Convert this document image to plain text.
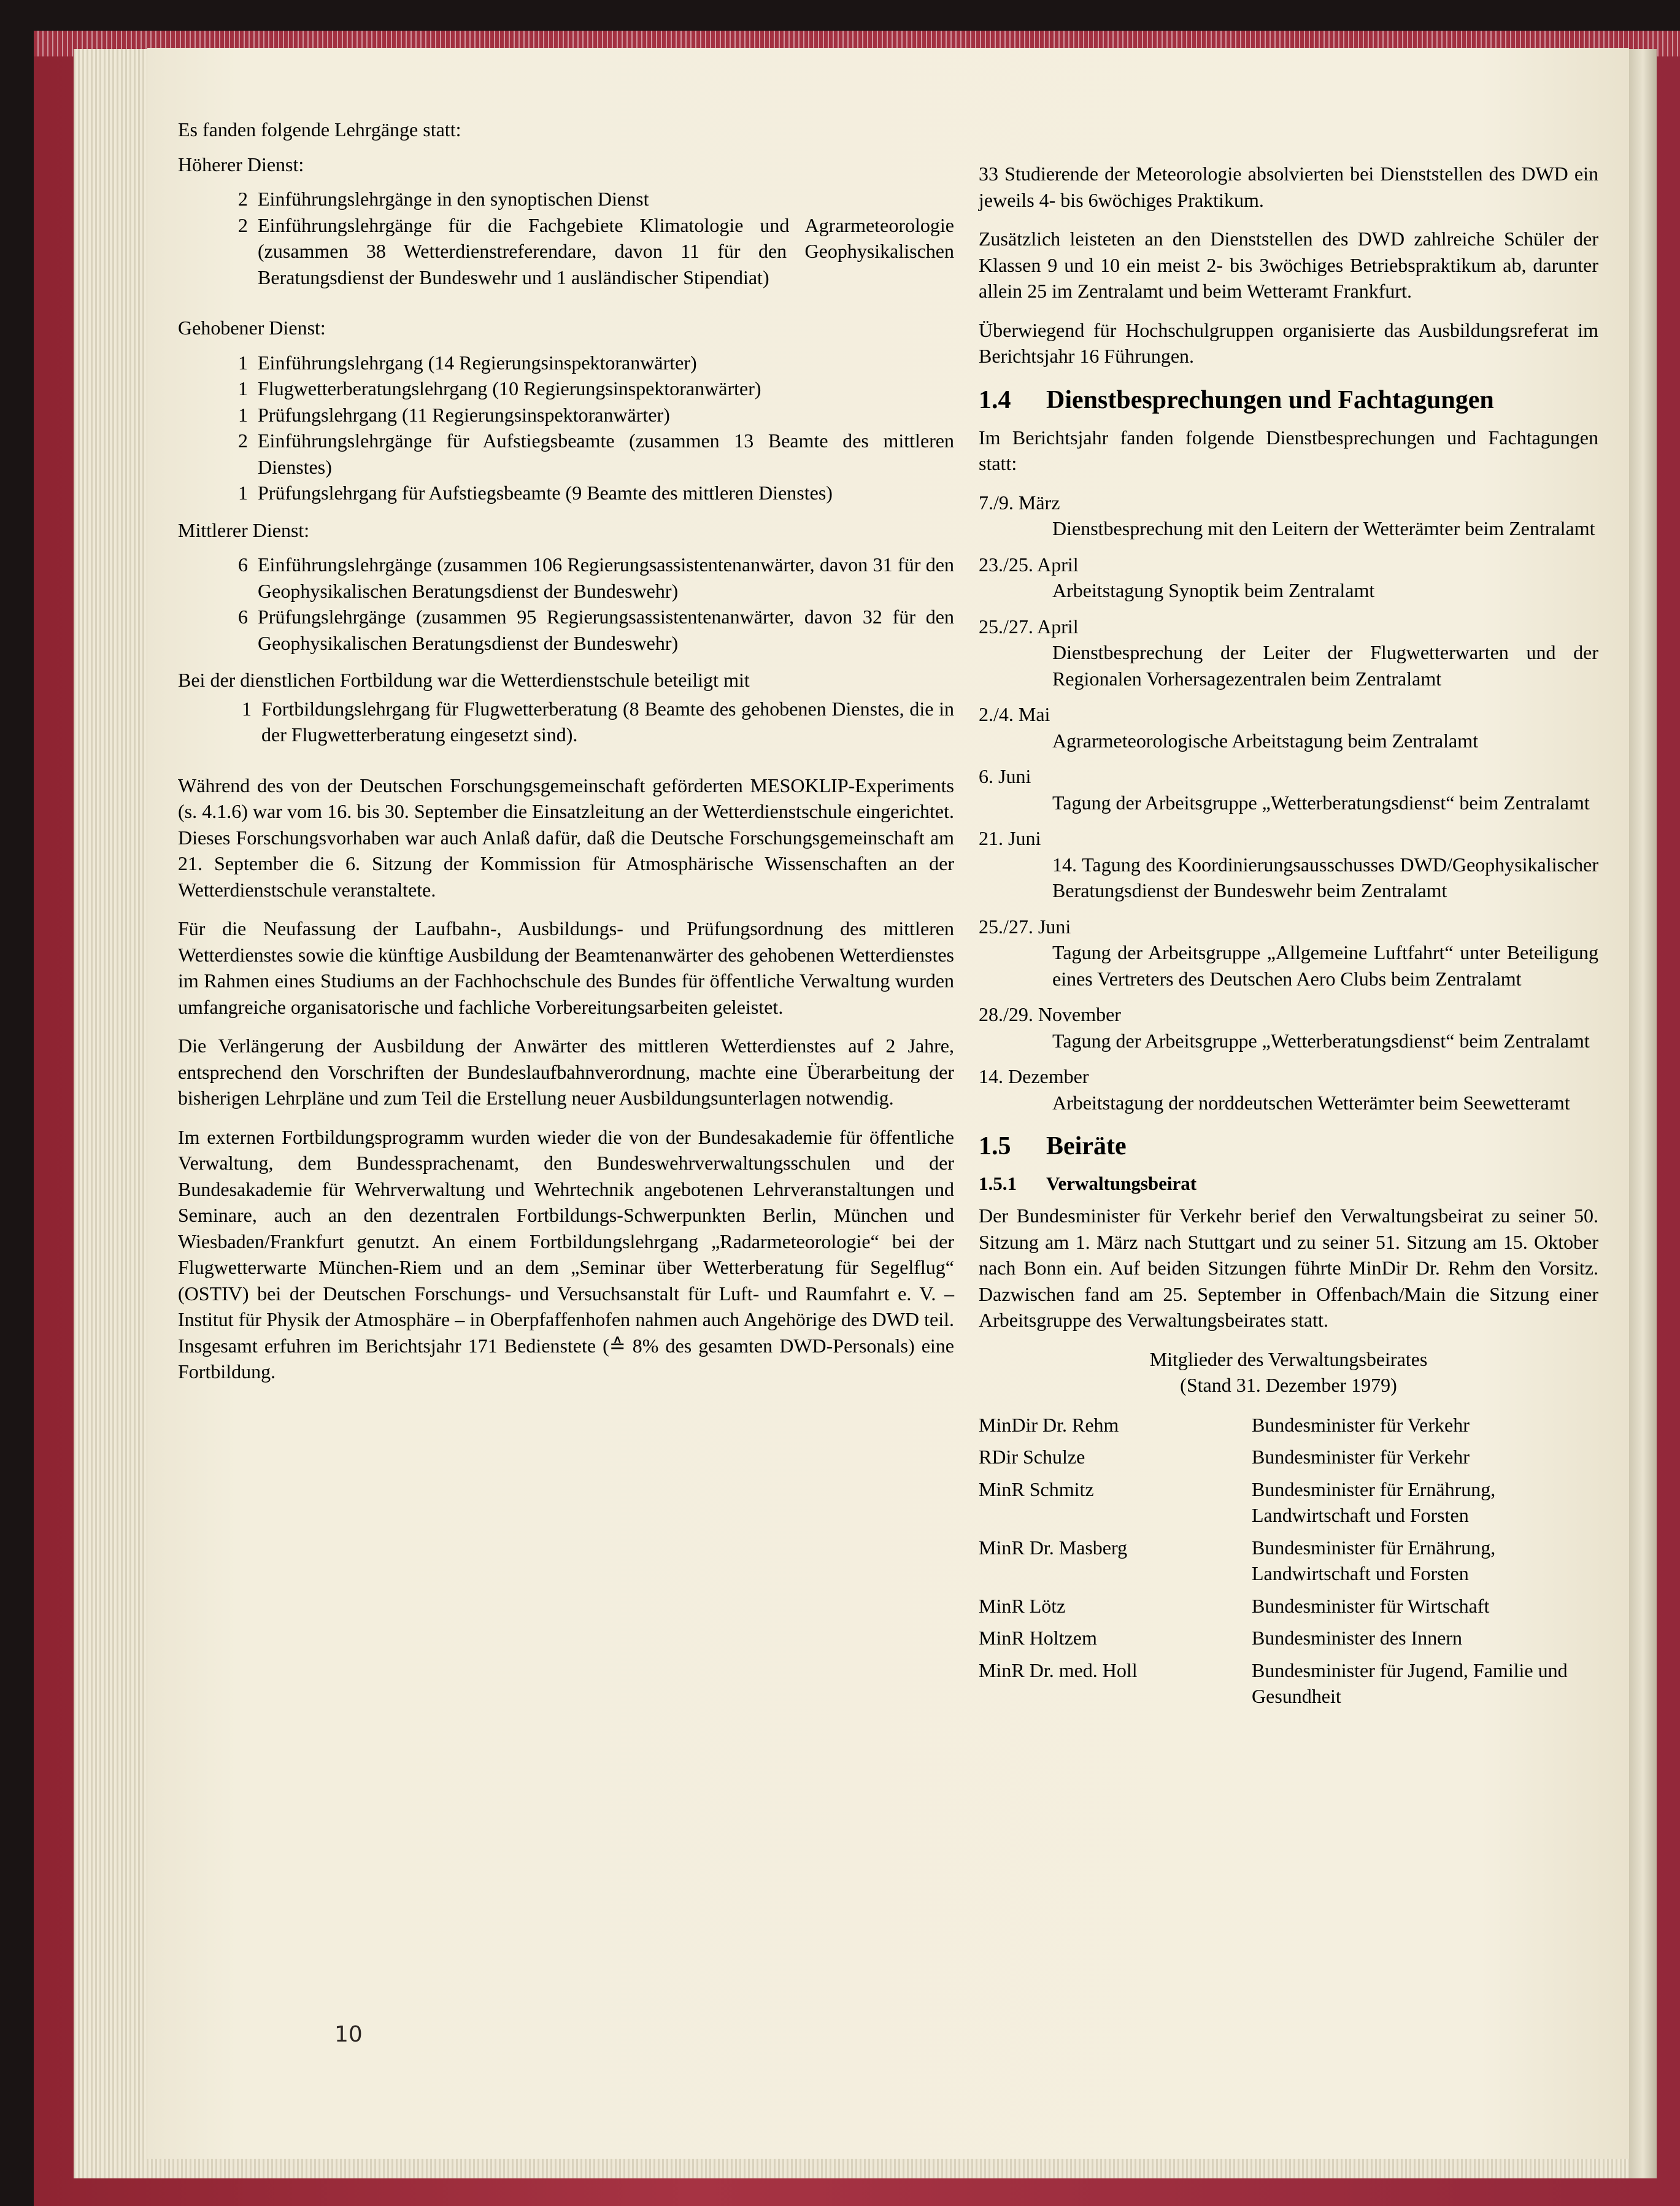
Es fanden folgende Lehrgänge statt:

Höherer Dienst:

2 Einführungslehrgänge in den synoptischen Dienst
2 Einführungslehrgänge für die Fachgebiete Klimatologie und Agrarmeteorologie (zusammen 38 Wetterdienstreferendare, davon 11 für den Geophysikalischen Beratungsdienst der Bundeswehr und 1 ausländischer Stipendiat)

Gehobener Dienst:

1 Einführungslehrgang (14 Regierungsinspektoranwärter)
1 Flugwetterberatungslehrgang (10 Regierungsinspektoranwärter)
1 Prüfungslehrgang (11 Regierungsinspektoranwärter)
2 Einführungslehrgänge für Aufstiegsbeamte (zusammen 13 Beamte des mittleren Dienstes)
1 Prüfungslehrgang für Aufstiegsbeamte (9 Beamte des mittleren Dienstes)

Mittlerer Dienst:

6 Einführungslehrgänge (zusammen 106 Regierungsassistentenanwärter, davon 31 für den Geophysikalischen Beratungsdienst der Bundeswehr)
6 Prüfungslehrgänge (zusammen 95 Regierungsassistentenanwärter, davon 32 für den Geophysikalischen Beratungsdienst der Bundeswehr)

Bei der dienstlichen Fortbildung war die Wetterdienstschule beteiligt mit

1 Fortbildungslehrgang für Flugwetterberatung (8 Beamte des gehobenen Dienstes, die in der Flugwetterberatung eingesetzt sind).

Während des von der Deutschen Forschungsgemeinschaft geförderten MESOKLIP-Experiments (s. 4.1.6) war vom 16. bis 30. September die Einsatzleitung an der Wetterdienstschule eingerichtet. Dieses Forschungsvorhaben war auch Anlaß dafür, daß die Deutsche Forschungsgemeinschaft am 21. September die 6. Sitzung der Kommission für Atmosphärische Wissenschaften an der Wetterdienstschule veranstaltete.

Für die Neufassung der Laufbahn-, Ausbildungs- und Prüfungsordnung des mittleren Wetterdienstes sowie die künftige Ausbildung der Beamtenanwärter des gehobenen Wetterdienstes im Rahmen eines Studiums an der Fachhochschule des Bundes für öffentliche Verwaltung wurden umfangreiche organisatorische und fachliche Vorbereitungsarbeiten geleistet.

Die Verlängerung der Ausbildung der Anwärter des mittleren Wetterdienstes auf 2 Jahre, entsprechend den Vorschriften der Bundeslaufbahnverordnung, machte eine Überarbeitung der bisherigen Lehrpläne und zum Teil die Erstellung neuer Ausbildungsunterlagen notwendig.

Im externen Fortbildungsprogramm wurden wieder die von der Bundesakademie für öffentliche Verwaltung, dem Bundessprachenamt, den Bundeswehrverwaltungsschulen und der Bundesakademie für Wehrverwaltung und Wehrtechnik angebotenen Lehrveranstaltungen und Seminare, auch an den dezentralen Fortbildungs-Schwerpunkten Berlin, München und Wiesbaden/Frankfurt genutzt. An einem Fortbildungslehrgang „Radarmeteorologie“ bei der Flugwetterwarte München-Riem und an dem „Seminar über Wetterberatung für Segelflug“ (OSTIV) bei der Deutschen Forschungs- und Versuchsanstalt für Luft- und Raumfahrt e. V. – Institut für Physik der Atmosphäre – in Oberpfaffenhofen nahmen auch Angehörige des DWD teil. Insgesamt erfuhren im Berichtsjahr 171 Bedienstete (≙ 8% des gesamten DWD-Personals) eine Fortbildung.

10

33 Studierende der Meteorologie absolvierten bei Dienststellen des DWD ein jeweils 4- bis 6wöchiges Praktikum.

Zusätzlich leisteten an den Dienststellen des DWD zahlreiche Schüler der Klassen 9 und 10 ein meist 2- bis 3wöchiges Betriebspraktikum ab, darunter allein 25 im Zentralamt und beim Wetteramt Frankfurt.

Überwiegend für Hochschulgruppen organisierte das Ausbildungsreferat im Berichtsjahr 16 Führungen.

1.4 Dienstbesprechungen und Fachtagungen

Im Berichtsjahr fanden folgende Dienstbesprechungen und Fachtagungen statt:

7./9. März
Dienstbesprechung mit den Leitern der Wetterämter beim Zentralamt
23./25. April
Arbeitstagung Synoptik beim Zentralamt
25./27. April
Dienstbesprechung der Leiter der Flugwetterwarten und der Regionalen Vorhersagezentralen beim Zentralamt
2./4. Mai
Agrarmeteorologische Arbeitstagung beim Zentralamt
6. Juni
Tagung der Arbeitsgruppe „Wetterberatungsdienst“ beim Zentralamt
21. Juni
14. Tagung des Koordinierungsausschusses DWD/Geophysikalischer Beratungsdienst der Bundeswehr beim Zentralamt
25./27. Juni
Tagung der Arbeitsgruppe „Allgemeine Luftfahrt“ unter Beteiligung eines Vertreters des Deutschen Aero Clubs beim Zentralamt
28./29. November
Tagung der Arbeitsgruppe „Wetterberatungsdienst“ beim Zentralamt
14. Dezember
Arbeitstagung der norddeutschen Wetterämter beim Seewetteramt
1.5 Beiräte
1.5.1 Verwaltungsbeirat

Der Bundesminister für Verkehr berief den Verwaltungsbeirat zu seiner 50. Sitzung am 1. März nach Stuttgart und zu seiner 51. Sitzung am 15. Oktober nach Bonn ein. Auf beiden Sitzungen führte MinDir Dr. Rehm den Vorsitz. Dazwischen fand am 25. September in Offenbach/Main die Sitzung einer Arbeitsgruppe des Verwaltungsbeirates statt.

Mitglieder des Verwaltungsbeirates
(Stand 31. Dezember 1979)
MinDir Dr. Rehm	Bundesminister für Verkehr
RDir Schulze	Bundesminister für Verkehr
MinR Schmitz	Bundesminister für Ernährung, Landwirtschaft und Forsten
MinR Dr. Masberg	Bundesminister für Ernährung, Landwirtschaft und Forsten
MinR Lötz	Bundesminister für Wirtschaft
MinR Holtzem	Bundesminister des Innern
MinR Dr. med. Holl	Bundesminister für Jugend, Familie und Gesundheit
